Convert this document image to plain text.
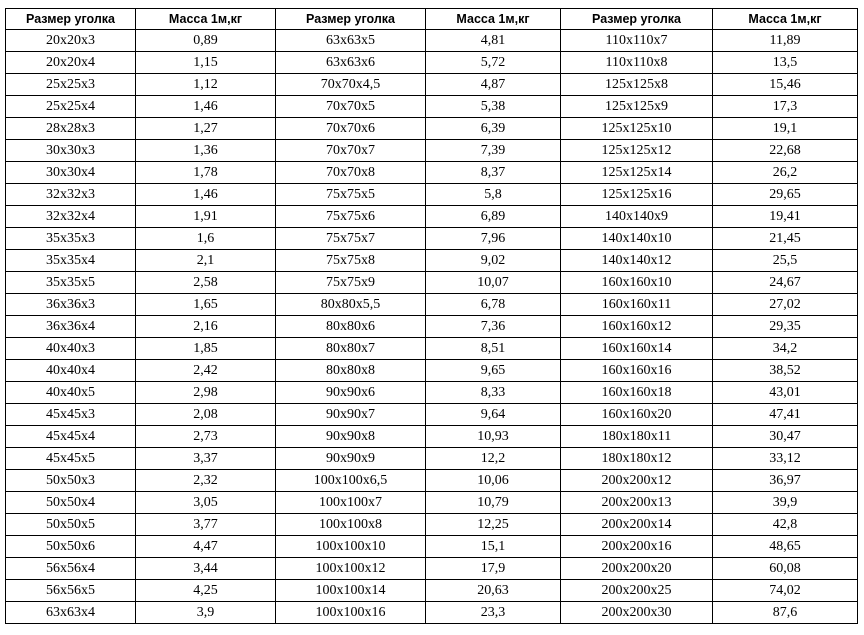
Размер уголка	Масса 1м,кг	Размер уголка	Масса 1м,кг	Размер уголка	Масса 1м,кг
20x20x3	0,89	63x63x5	4,81	110x110x7	11,89
20x20x4	1,15	63x63x6	5,72	110x110x8	13,5
25x25x3	1,12	70x70x4,5	4,87	125x125x8	15,46
25x25x4	1,46	70x70x5	5,38	125x125x9	17,3
28x28x3	1,27	70x70x6	6,39	125x125x10	19,1
30x30x3	1,36	70x70x7	7,39	125x125x12	22,68
30x30x4	1,78	70x70x8	8,37	125x125x14	26,2
32x32x3	1,46	75x75x5	5,8	125x125x16	29,65
32x32x4	1,91	75x75x6	6,89	140x140x9	19,41
35x35x3	1,6	75x75x7	7,96	140x140x10	21,45
35x35x4	2,1	75x75x8	9,02	140x140x12	25,5
35x35x5	2,58	75x75x9	10,07	160x160x10	24,67
36x36x3	1,65	80x80x5,5	6,78	160x160x11	27,02
36x36x4	2,16	80x80x6	7,36	160x160x12	29,35
40x40x3	1,85	80x80x7	8,51	160x160x14	34,2
40x40x4	2,42	80x80x8	9,65	160x160x16	38,52
40x40x5	2,98	90x90x6	8,33	160x160x18	43,01
45x45x3	2,08	90x90x7	9,64	160x160x20	47,41
45x45x4	2,73	90x90x8	10,93	180x180x11	30,47
45x45x5	3,37	90x90x9	12,2	180x180x12	33,12
50x50x3	2,32	100x100x6,5	10,06	200x200x12	36,97
50x50x4	3,05	100x100x7	10,79	200x200x13	39,9
50x50x5	3,77	100x100x8	12,25	200x200x14	42,8
50x50x6	4,47	100x100x10	15,1	200x200x16	48,65
56x56x4	3,44	100x100x12	17,9	200x200x20	60,08
56x56x5	4,25	100x100x14	20,63	200x200x25	74,02
63x63x4	3,9	100x100x16	23,3	200x200x30	87,6
